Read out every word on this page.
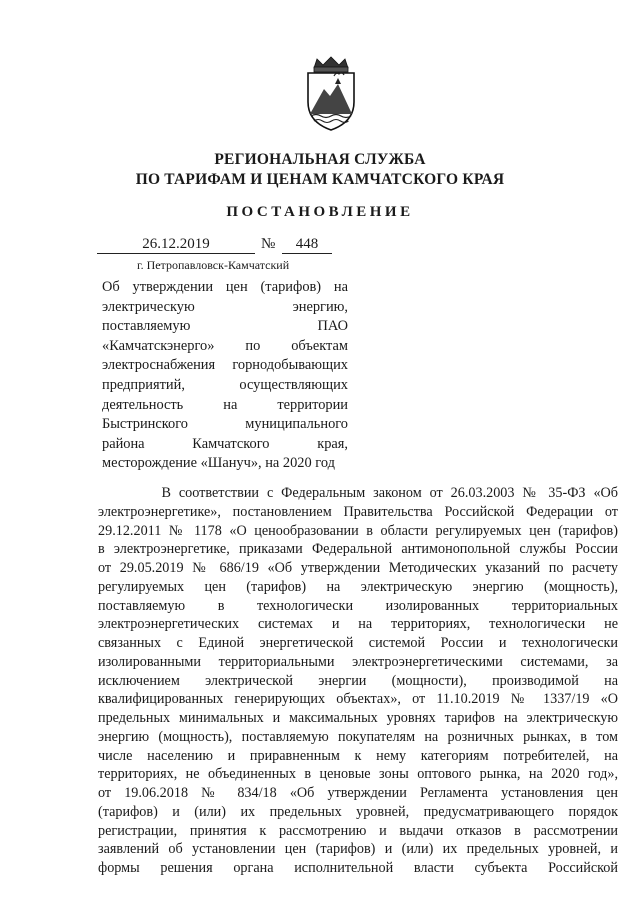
РЕГИОНАЛЬНАЯ СЛУЖБА
ПО ТАРИФАМ И ЦЕНАМ КАМЧАТСКОГО КРАЯ
ПОСТАНОВЛЕНИЕ
26.12.2019	№	448
г. Петропавловск-Камчатский
Об утверждении цен (тарифов) на
электрическую энергию,
поставляемую ПАО
«Камчатскэнерго» по объектам
электроснабжения горнодобывающих
предприятий, осуществляющих
деятельность на территории
Быстринского муниципального
района Камчатского края,
месторождение «Шануч», на 2020 год
В соответствии с Федеральным законом от 26.03.2003 № 35-ФЗ «Об
электроэнергетике», постановлением Правительства Российской Федерации от
29.12.2011 № 1178 «О ценообразовании в области регулируемых цен (тарифов)
в электроэнергетике, приказами Федеральной антимонопольной службы России
от 29.05.2019 № 686/19 «Об утверждении Методических указаний по расчету
регулируемых цен (тарифов) на электрическую энергию (мощность),
поставляемую в технологически изолированных территориальных
электроэнергетических системах и на территориях, технологически не
связанных с Единой энергетической системой России и технологически
изолированными территориальными электроэнергетическими системами, за
исключением электрической энергии (мощности), производимой на
квалифицированных генерирующих объектах», от 11.10.2019 № 1337/19 «О
предельных минимальных и максимальных уровнях тарифов на электрическую
энергию (мощность), поставляемую покупателям на розничных рынках, в том
числе населению и приравненным к нему категориям потребителей, на
территориях, не объединенных в ценовые зоны оптового рынка, на 2020 год»,
от 19.06.2018 № 834/18 «Об утверждении Регламента установления цен
(тарифов) и (или) их предельных уровней, предусматривающего порядок
регистрации, принятия к рассмотрению и выдачи отказов в рассмотрении
заявлений об установлении цен (тарифов) и (или) их предельных уровней, и
формы решения органа исполнительной власти субъекта Российской
